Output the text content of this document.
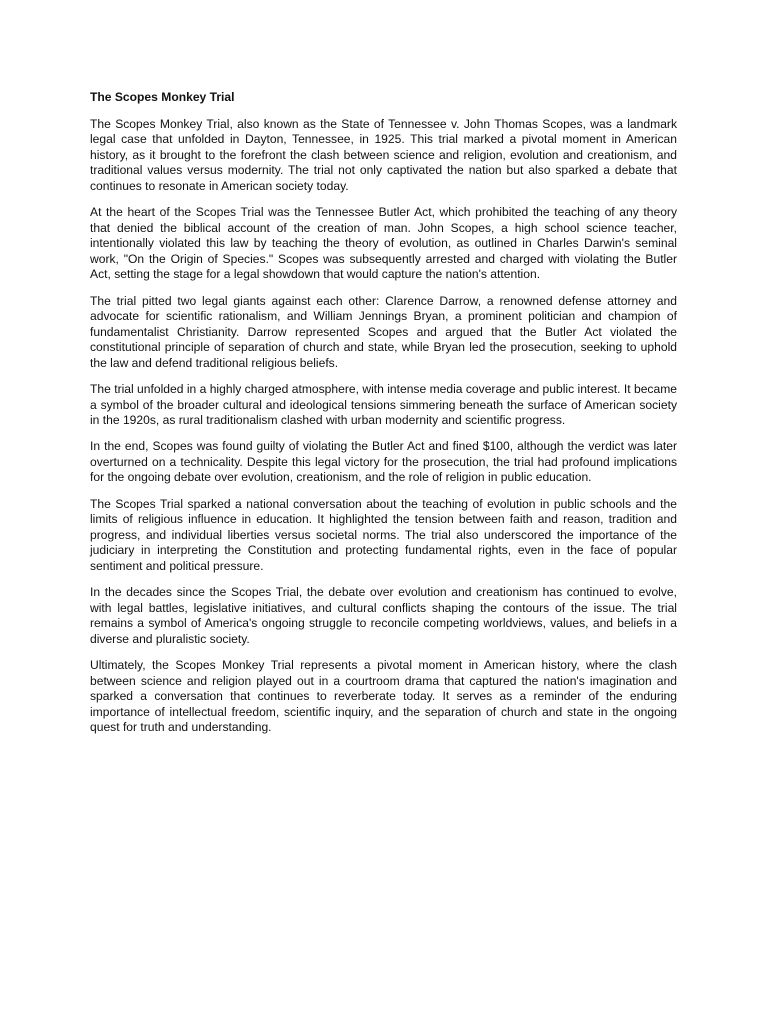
The Scopes Monkey Trial

The Scopes Monkey Trial, also known as the State of Tennessee v. John Thomas Scopes, was a landmark legal case that unfolded in Dayton, Tennessee, in 1925. This trial marked a pivotal moment in American history, as it brought to the forefront the clash between science and religion, evolution and creationism, and traditional values versus modernity. The trial not only captivated the nation but also sparked a debate that continues to resonate in American society today.

At the heart of the Scopes Trial was the Tennessee Butler Act, which prohibited the teaching of any theory that denied the biblical account of the creation of man. John Scopes, a high school science teacher, intentionally violated this law by teaching the theory of evolution, as outlined in Charles Darwin's seminal work, "On the Origin of Species." Scopes was subsequently arrested and charged with violating the Butler Act, setting the stage for a legal showdown that would capture the nation's attention.

The trial pitted two legal giants against each other: Clarence Darrow, a renowned defense attorney and advocate for scientific rationalism, and William Jennings Bryan, a prominent politician and champion of fundamentalist Christianity. Darrow represented Scopes and argued that the Butler Act violated the constitutional principle of separation of church and state, while Bryan led the prosecution, seeking to uphold the law and defend traditional religious beliefs.

The trial unfolded in a highly charged atmosphere, with intense media coverage and public interest. It became a symbol of the broader cultural and ideological tensions simmering beneath the surface of American society in the 1920s, as rural traditionalism clashed with urban modernity and scientific progress.

In the end, Scopes was found guilty of violating the Butler Act and fined $100, although the verdict was later overturned on a technicality. Despite this legal victory for the prosecution, the trial had profound implications for the ongoing debate over evolution, creationism, and the role of religion in public education.

The Scopes Trial sparked a national conversation about the teaching of evolution in public schools and the limits of religious influence in education. It highlighted the tension between faith and reason, tradition and progress, and individual liberties versus societal norms. The trial also underscored the importance of the judiciary in interpreting the Constitution and protecting fundamental rights, even in the face of popular sentiment and political pressure.

In the decades since the Scopes Trial, the debate over evolution and creationism has continued to evolve, with legal battles, legislative initiatives, and cultural conflicts shaping the contours of the issue. The trial remains a symbol of America's ongoing struggle to reconcile competing worldviews, values, and beliefs in a diverse and pluralistic society.

Ultimately, the Scopes Monkey Trial represents a pivotal moment in American history, where the clash between science and religion played out in a courtroom drama that captured the nation's imagination and sparked a conversation that continues to reverberate today. It serves as a reminder of the enduring importance of intellectual freedom, scientific inquiry, and the separation of church and state in the ongoing quest for truth and understanding.
